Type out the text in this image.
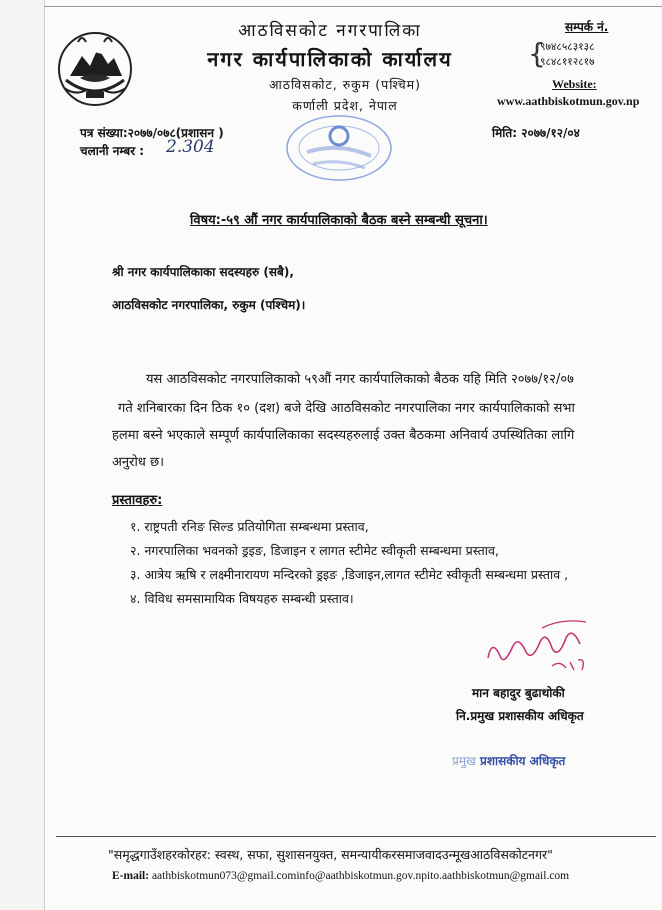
आठविसकोट नगरपालिका
नगर कार्यपालिकाको कार्यालय
आठविसकोट, रुकुम (पश्चिम)
कर्णाली प्रदेश, नेपाल
सम्पर्क नं.
{
९७४८५८३१३८
९८४८११२८१७
Website:
www.aathbiskotmun.gov.np
पत्र संख्या:२०७७/०७८(प्रशासन )
चलानी नम्बर : 2.304
मिति: २०७७/१२/०४
विषय:-५९ औं नगर कार्यपालिकाको बैठक बस्ने सम्बन्धी सूचना।
श्री नगर कार्यपालिकाका सदस्यहरु (सबै),
आठविसकोट नगरपालिका, रुकुम (पश्चिम)।
यस आठविसकोट नगरपालिकाको ५९औं नगर कार्यपालिकाको बैठक यहि मिति २०७७/१२/०७
गते शनिबारका दिन ठिक १० (दश) बजे देखि आठविसकोट नगरपालिका नगर कार्यपालिकाको सभा
हलमा बस्ने भएकाले सम्पूर्ण कार्यपालिकाका सदस्यहरुलाई उक्त बैठकमा अनिवार्य उपस्थितिका लागि
अनुरोध छ।
प्रस्तावहरु:
१. राष्ट्रपती रनिङ सिल्ड प्रतियोगिता सम्बन्धमा प्रस्ताव,
२. नगरपालिका भवनको ड्रइङ, डिजाइन र लागत स्टीमेट स्वीकृती सम्बन्धमा प्रस्ताव,
३. आत्रेय ऋषि र लक्ष्मीनारायण मन्दिरको ड्रइङ ,डिजाइन,लागत स्टीमेट स्वीकृती सम्बन्धमा प्रस्ताव ,
४. विविध समसामायिक विषयहरु सम्बन्धी प्रस्ताव।
मान बहादुर बुढाथोकी
नि.प्रमुख प्रशासकीय अधिकृत
प्रमुख प्रशासकीय अधिकृत
"समृद्धगाउँशहरकोरहर: स्वस्थ, सफा, सुशासनयुक्त, समन्यायीकरसमाजवादउन्मूखआठविसकोटनगर"
E-mail: aathbiskotmun073@gmail.cominfo@aathbiskotmun.gov.npito.aathbiskotmun@gmail.com
